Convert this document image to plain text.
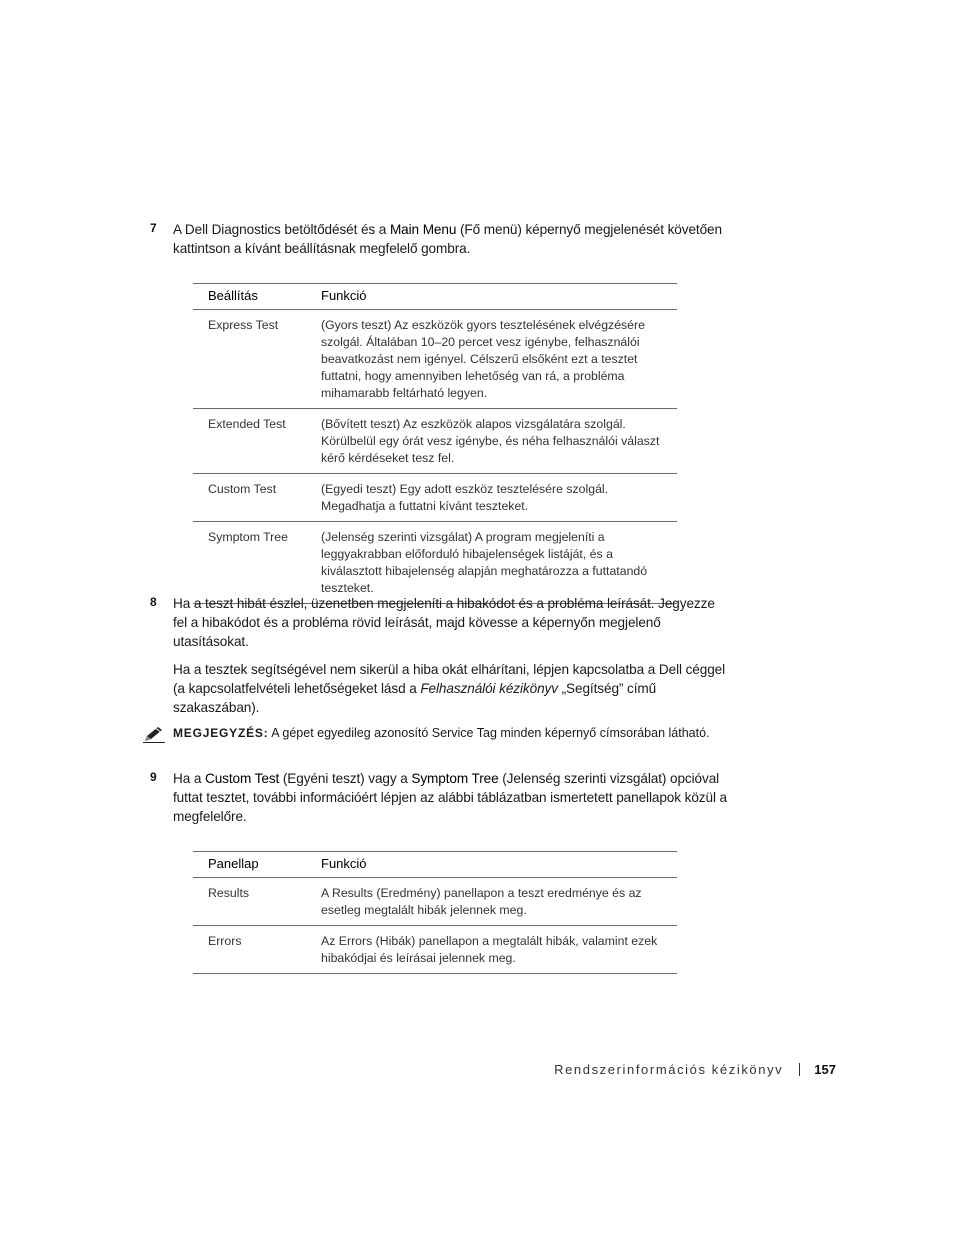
7 A Dell Diagnostics betöltődését és a Main Menu (Fő menü) képernyő megjelenését követően kattintson a kívánt beállításnak megfelelő gombra.
Beállítás	Funkció
Express Test	(Gyors teszt) Az eszközök gyors tesztelésének elvégzésére szolgál. Általában 10–20 percet vesz igénybe, felhasználói beavatkozást nem igényel. Célszerű elsőként ezt a tesztet futtatni, hogy amennyiben lehetőség van rá, a probléma mihamarabb feltárható legyen.
Extended Test	(Bővített teszt) Az eszközök alapos vizsgálatára szolgál. Körülbelül egy órát vesz igénybe, és néha felhasználói választ kérő kérdéseket tesz fel.
Custom Test	(Egyedi teszt) Egy adott eszköz tesztelésére szolgál. Megadhatja a futtatni kívánt teszteket.
Symptom Tree	(Jelenség szerinti vizsgálat) A program megjeleníti a leggyakrabban előforduló hibajelenségek listáját, és a kiválasztott hibajelenség alapján meghatározza a futtatandó teszteket.
8 Ha a teszt hibát észlel, üzenetben megjeleníti a hibakódot és a probléma leírását. Jegyezze fel a hibakódot és a probléma rövid leírását, majd kövesse a képernyőn megjelenő utasításokat.
Ha a tesztek segítségével nem sikerül a hiba okát elhárítani, lépjen kapcsolatba a Dell céggel (a kapcsolatfelvételi lehetőségeket lásd a Felhasználói kézikönyv „Segítség” című szakaszában).
MEGJEGYZÉS: A gépet egyedileg azonosító Service Tag minden képernyő címsorában látható.
9 Ha a Custom Test (Egyéni teszt) vagy a Symptom Tree (Jelenség szerinti vizsgálat) opcióval futtat tesztet, további információért lépjen az alábbi táblázatban ismertetett panellapok közül a megfelelőre.
Panellap	Funkció
Results	A Results (Eredmény) panellapon a teszt eredménye és az esetleg megtalált hibák jelennek meg.
Errors	Az Errors (Hibák) panellapon a megtalált hibák, valamint ezek hibakódjai és leírásai jelennek meg.
Rendszerinformációs kézikönyv 157
